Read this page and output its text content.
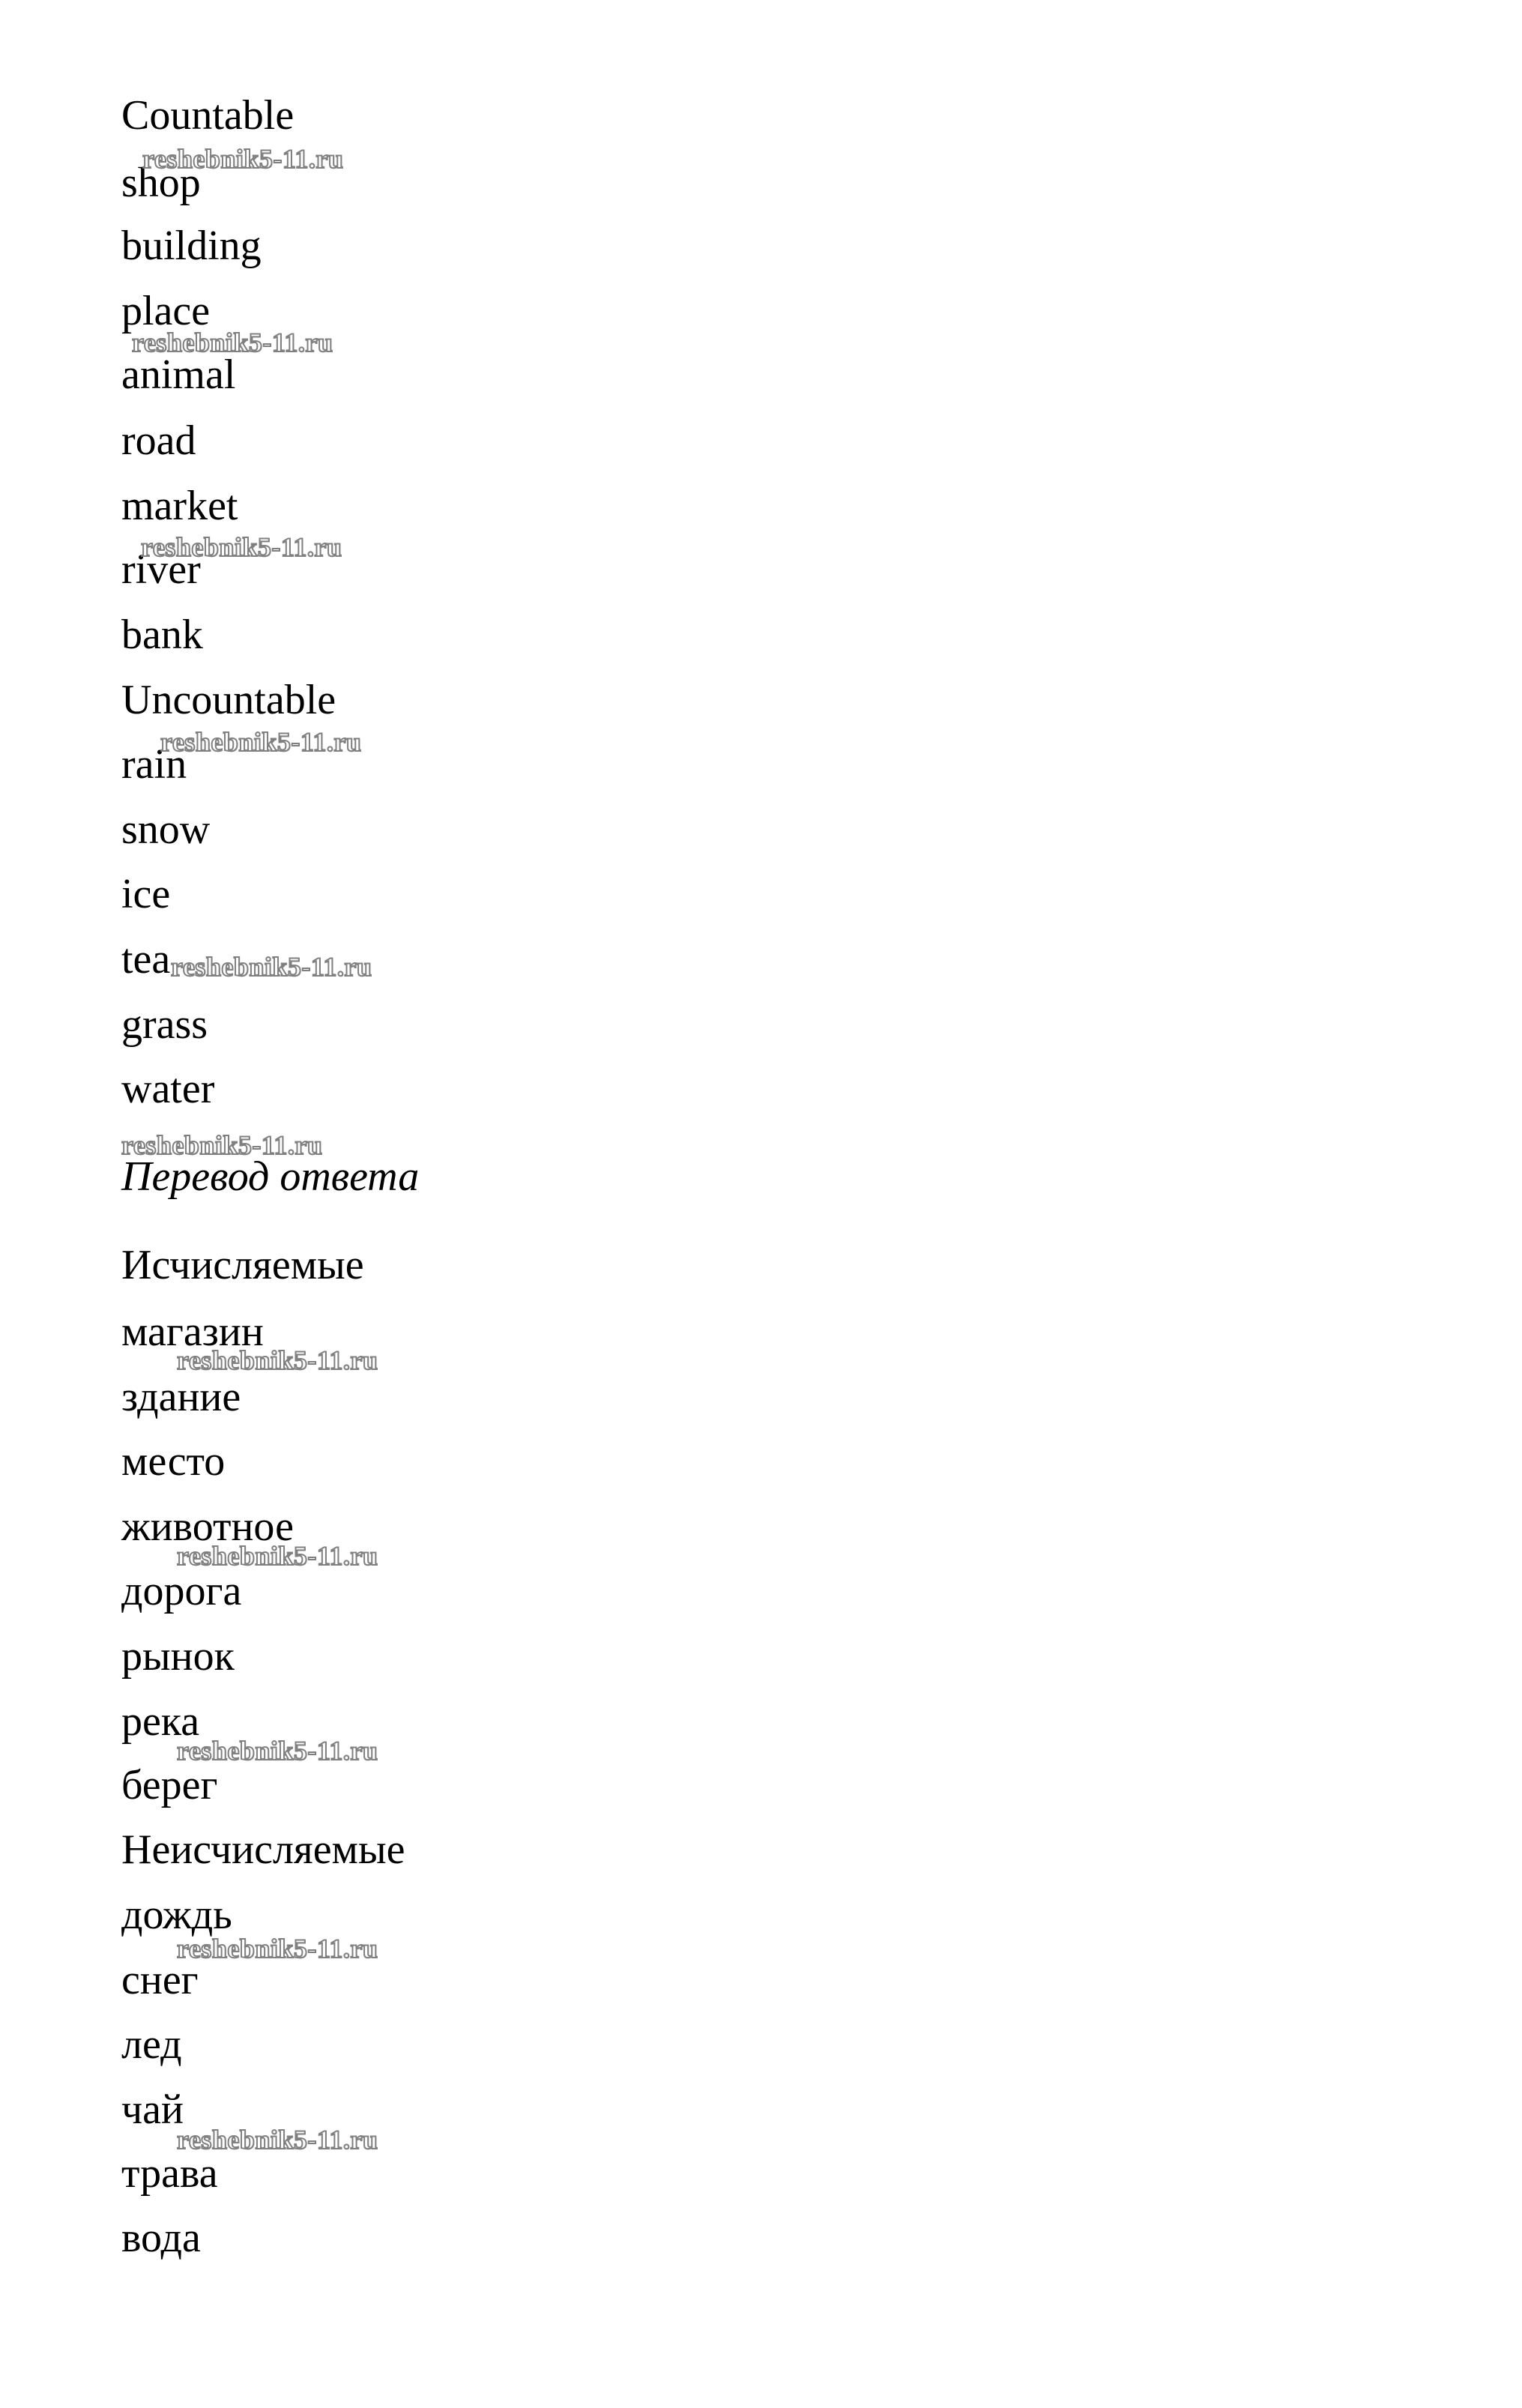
Countable
shop
building
place
animal
road
market
river
bank
Uncountable
rain
snow
ice
tea
grass
water
Перевод ответа
Исчисляемые
магазин
здание
место
животное
дорога
рынок
река
берег
Неисчисляемые
дождь
снег
лед
чай
трава
вода
reshebnik5-11.ru
reshebnik5-11.ru
reshebnik5-11.ru
reshebnik5-11.ru
reshebnik5-11.ru
reshebnik5-11.ru
reshebnik5-11.ru
reshebnik5-11.ru
reshebnik5-11.ru
reshebnik5-11.ru
reshebnik5-11.ru
